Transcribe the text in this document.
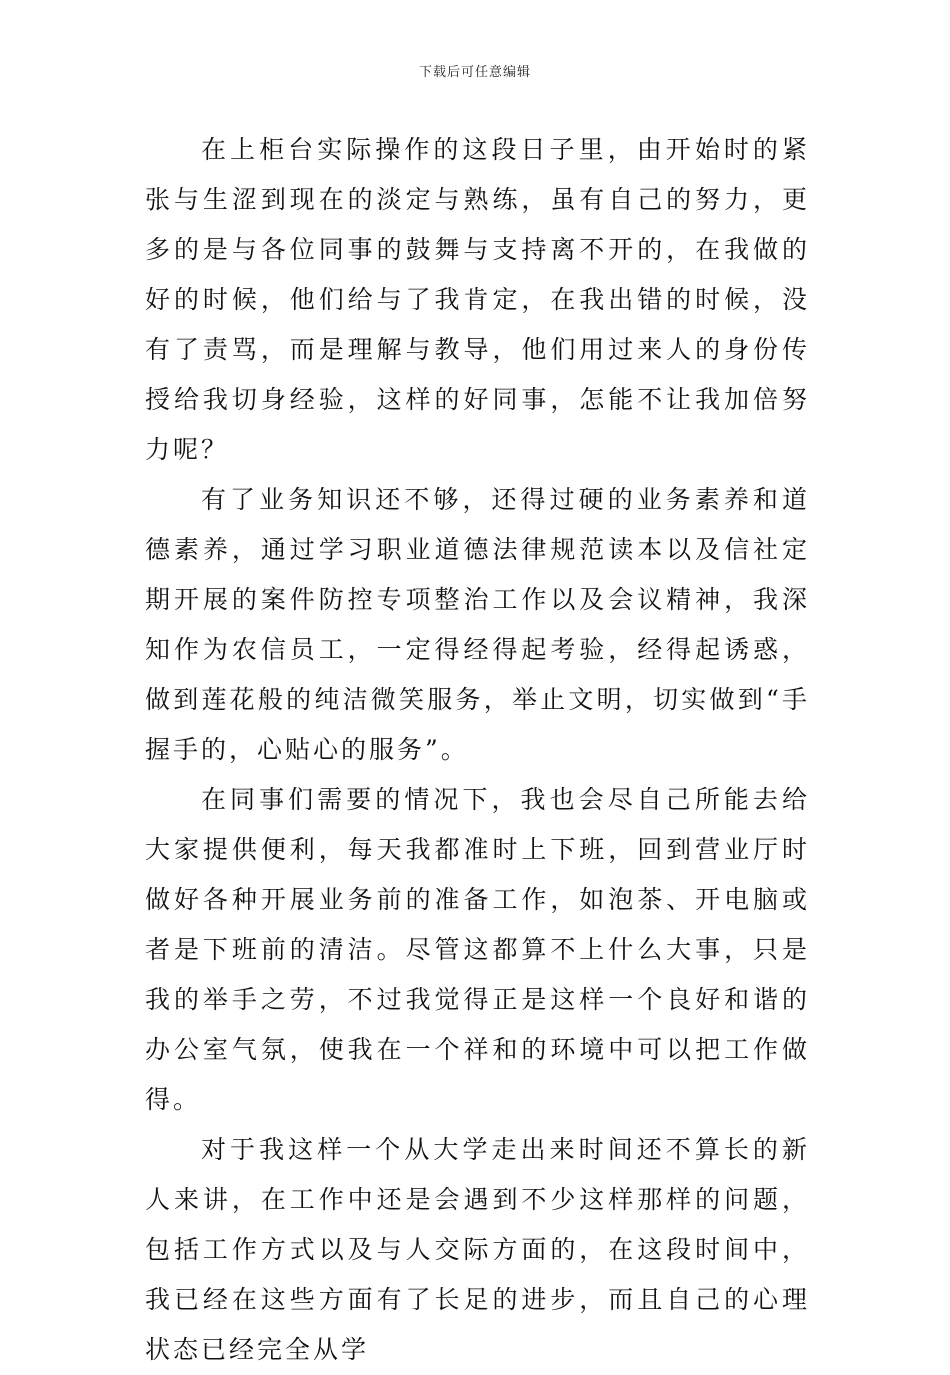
下载后可任意编辑

在上柜台实际操作的这段日子里，由开始时的紧张与生涩到现在的淡定与熟练，虽有自己的努力，更多的是与各位同事的鼓舞与支持离不开的，在我做的好的时候，他们给与了我肯定，在我出错的时候，没有了责骂，而是理解与教导，他们用过来人的身份传授给我切身经验，这样的好同事，怎能不让我加倍努力呢？

有了业务知识还不够，还得过硬的业务素养和道德素养，通过学习职业道德法律规范读本以及信社定期开展的案件防控专项整治工作以及会议精神，我深知作为农信员工，一定得经得起考验，经得起诱惑，做到莲花般的纯洁微笑服务，举止文明，切实做到“手握手的，心贴心的服务”。

在同事们需要的情况下，我也会尽自己所能去给大家提供便利，每天我都准时上下班，回到营业厅时做好各种开展业务前的准备工作，如泡茶、开电脑或者是下班前的清洁。尽管这都算不上什么大事，只是我的举手之劳，不过我觉得正是这样一个良好和谐的办公室气氛，使我在一个祥和的环境中可以把工作做得。

对于我这样一个从大学走出来时间还不算长的新人来讲，在工作中还是会遇到不少这样那样的问题，包括工作方式以及与人交际方面的，在这段时间中，我已经在这些方面有了长足的进步，而且自己的心理状态已经完全从学
